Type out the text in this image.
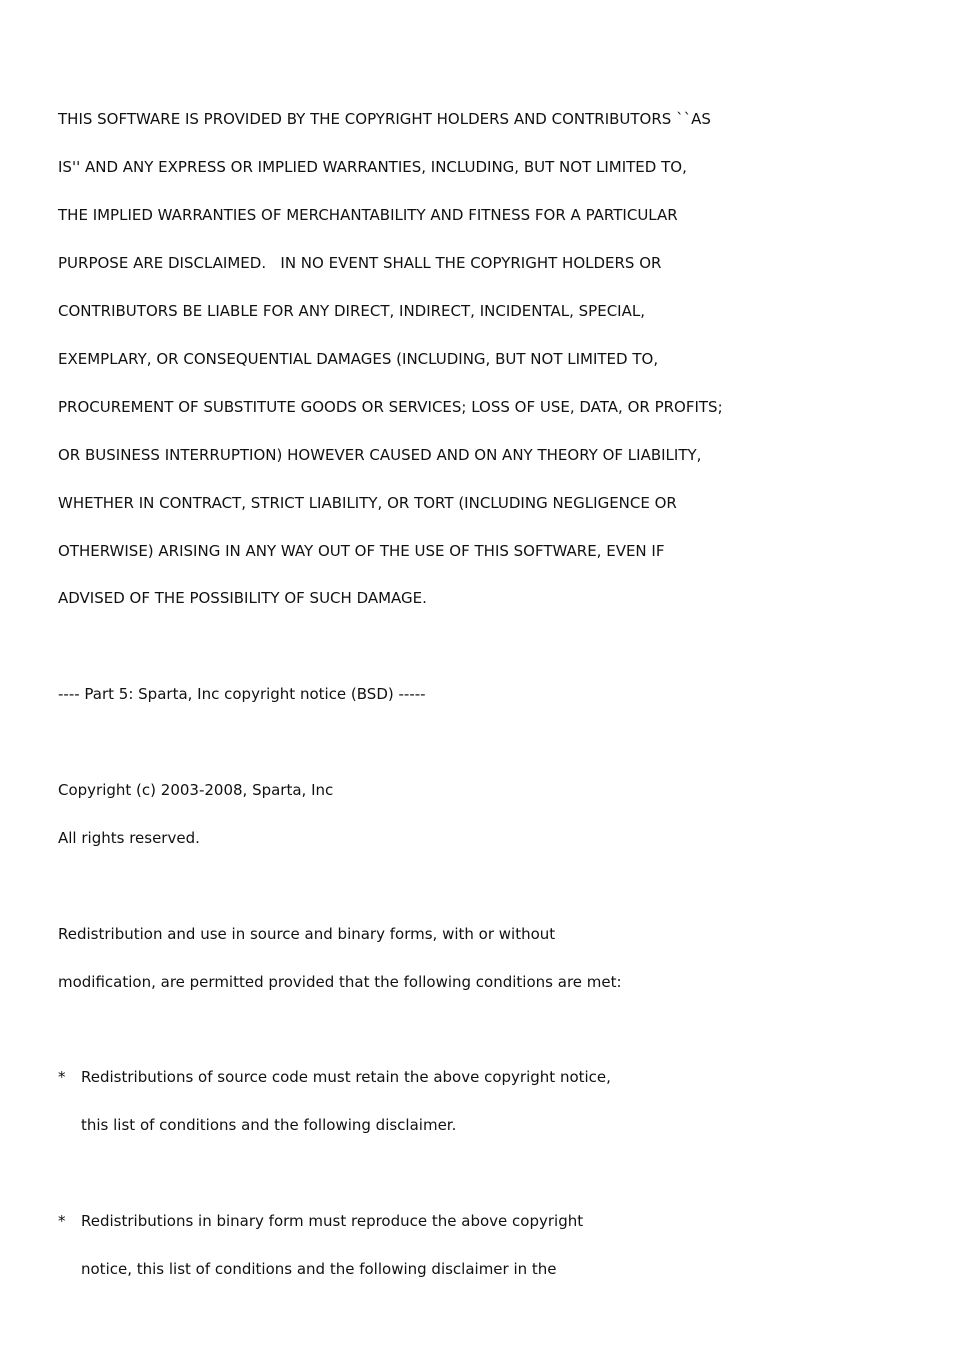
THIS SOFTWARE IS PROVIDED BY THE COPYRIGHT HOLDERS AND CONTRIBUTORS ``AS
IS'' AND ANY EXPRESS OR IMPLIED WARRANTIES, INCLUDING, BUT NOT LIMITED TO,
THE IMPLIED WARRANTIES OF MERCHANTABILITY AND FITNESS FOR A PARTICULAR
PURPOSE ARE DISCLAIMED.   IN NO EVENT SHALL THE COPYRIGHT HOLDERS OR
CONTRIBUTORS BE LIABLE FOR ANY DIRECT, INDIRECT, INCIDENTAL, SPECIAL,
EXEMPLARY, OR CONSEQUENTIAL DAMAGES (INCLUDING, BUT NOT LIMITED TO,
PROCUREMENT OF SUBSTITUTE GOODS OR SERVICES; LOSS OF USE, DATA, OR PROFITS;
OR BUSINESS INTERRUPTION) HOWEVER CAUSED AND ON ANY THEORY OF LIABILITY,
WHETHER IN CONTRACT, STRICT LIABILITY, OR TORT (INCLUDING NEGLIGENCE OR
OTHERWISE) ARISING IN ANY WAY OUT OF THE USE OF THIS SOFTWARE, EVEN IF
ADVISED OF THE POSSIBILITY OF SUCH DAMAGE.
---- Part 5: Sparta, Inc copyright notice (BSD) -----
Copyright (c) 2003-2008, Sparta, Inc
All rights reserved.
Redistribution and use in source and binary forms, with or without
modification, are permitted provided that the following conditions are met:
* Redistributions of source code must retain the above copyright notice,
this list of conditions and the following disclaimer.
* Redistributions in binary form must reproduce the above copyright
notice, this list of conditions and the following disclaimer in the
